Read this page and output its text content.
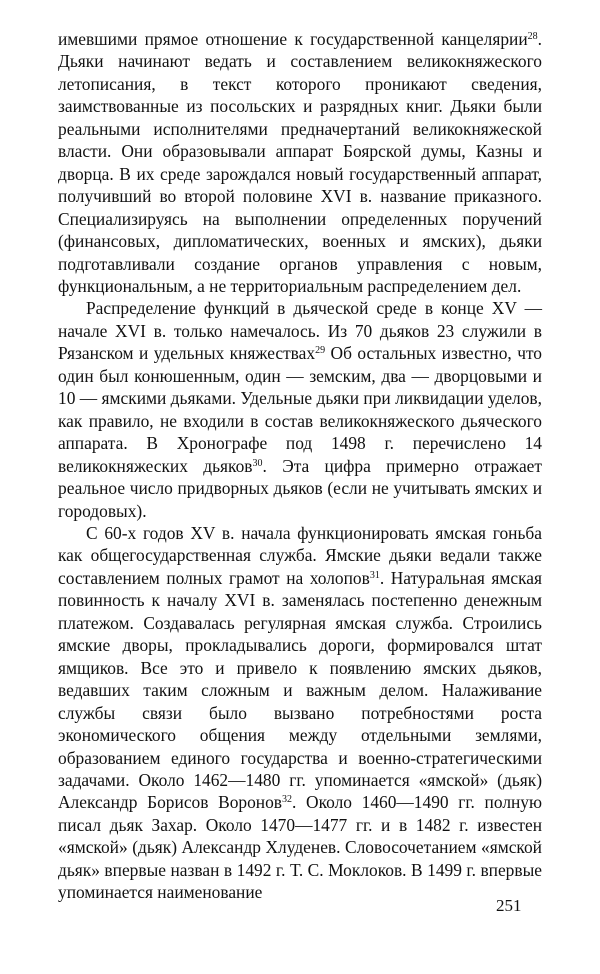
имевшими прямое отношение к государственной канцелярии$^{28}$. Дьяки начинают ведать и составлением великокняжеского летописания, в текст которого проникают сведения, заимствованные из посольских и разрядных книг. Дьяки были реальными исполнителями предначертаний великокняжеской власти. Они образовывали аппарат Боярской думы, Казны и дворца. В их среде зарождался новый государственный аппарат, получивший во второй половине XVI в. название приказного. Специализируясь на выполнении определенных поручений (финансовых, дипломатических, военных и ямских), дьяки подготавливали создание органов управления с новым, функциональным, а не территориальным распределением дел.

Распределение функций в дьяческой среде в конце XV — начале XVI в. только намечалось. Из 70 дьяков 23 служили в Рязанском и удельных княжествах$^{29}$ Об остальных известно, что один был конюшенным, один — земским, два — дворцовыми и 10 — ямскими дьяками. Удельные дьяки при ликвидации уделов, как правило, не входили в состав великокняжеского дьяческого аппарата. В Хронографе под 1498 г. перечислено 14 великокняжеских дьяков$^{30}$. Эта цифра примерно отражает реальное число придворных дьяков (если не учитывать ямских и городовых).

С 60-х годов XV в. начала функционировать ямская гоньба как общегосударственная служба. Ямские дьяки ведали также составлением полных грамот на холопов$^{31}$. Натуральная ямская повинность к началу XVI в. заменялась постепенно денежным платежом. Создавалась регулярная ямская служба. Строились ямские дворы, прокладывались дороги, формировался штат ямщиков. Все это и привело к появлению ямских дьяков, ведавших таким сложным и важным делом. Налаживание службы связи было вызвано потребностями роста экономического общения между отдельными землями, образованием единого государства и военно-стратегическими задачами. Около 1462—1480 гг. упоминается «ямской» (дьяк) Александр Борисов Воронов$^{32}$. Около 1460—1490 гг. полную писал дьяк Захар. Около 1470—1477 гг. и в 1482 г. известен «ямской» (дьяк) Александр Хлуденев. Словосочетанием «ямской дьяк» впервые назван в 1492 г. Т. С. Моклоков. В 1499 г. впервые упоминается наименование

251
